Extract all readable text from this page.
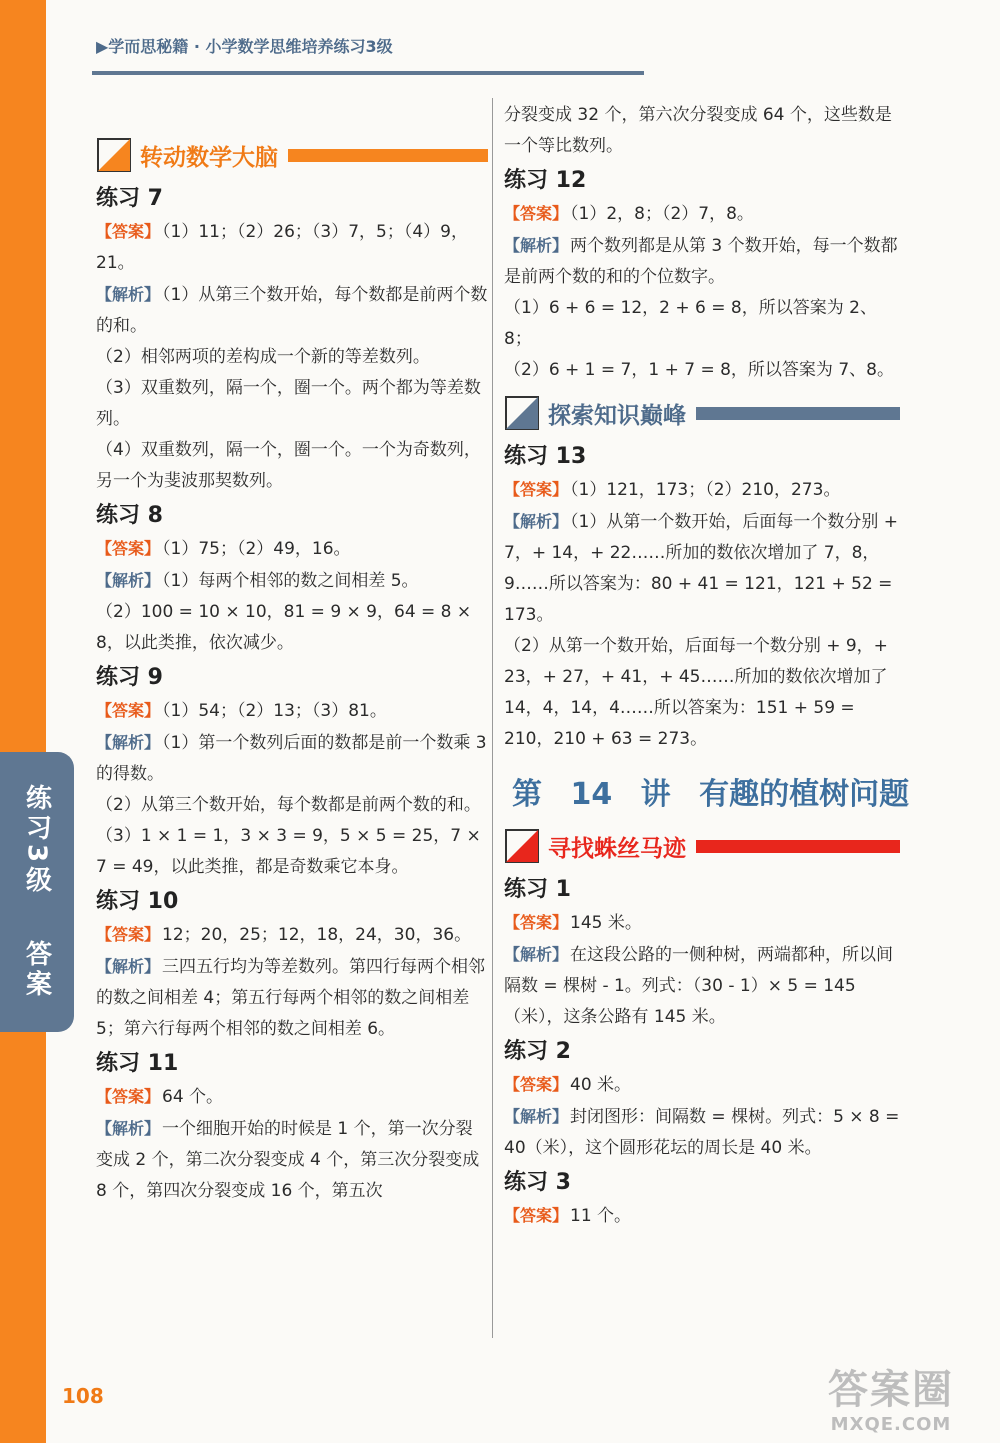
▶学而思秘籍 · 小学数学思维培养练习3级
练习3级
答案
108
转动数学大脑
练习 7

【答案】 （1）11；（2）26；（3）7，5；（4）9，21。

【解析】 （1）从第三个数开始，每个数都是前两个数的和。

（2）相邻两项的差构成一个新的等差数列。

（3）双重数列，隔一个，圈一个。两个都为等差数列。

（4）双重数列，隔一个，圈一个。一个为奇数列，另一个为斐波那契数列。

练习 8

【答案】 （1）75；（2）49，16。

【解析】 （1）每两个相邻的数之间相差 5。

（2）100 = 10 × 10，81 = 9 × 9，64 = 8 × 8，以此类推，依次减少。

练习 9

【答案】 （1）54；（2）13；（3）81。

【解析】 （1）第一个数列后面的数都是前一个数乘 3 的得数。

（2）从第三个数开始，每个数都是前两个数的和。

（3）1 × 1 = 1，3 × 3 = 9，5 × 5 = 25，7 × 7 = 49，以此类推，都是奇数乘它本身。

练习 10

【答案】 12；20，25；12，18，24，30，36。

【解析】 三四五行均为等差数列。第四行每两个相邻的数之间相差 4；第五行每两个相邻的数之间相差 5；第六行每两个相邻的数之间相差 6。

练习 11

【答案】 64 个。

【解析】 一个细胞开始的时候是 1 个，第一次分裂变成 2 个，第二次分裂变成 4 个，第三次分裂变成 8 个，第四次分裂变成 16 个，第五次

分裂变成 32 个，第六次分裂变成 64 个，这些数是一个等比数列。

练习 12

【答案】 （1）2，8；（2）7，8。

【解析】 两个数列都是从第 3 个数开始，每一个数都是前两个数的和的个位数字。

（1）6 + 6 = 12，2 + 6 = 8，所以答案为 2、8；

（2）6 + 1 = 7，1 + 7 = 8，所以答案为 7、8。

探索知识巅峰
练习 13

【答案】 （1）121，173；（2）210，273。

【解析】 （1）从第一个数开始，后面每一个数分别 + 7，+ 14，+ 22……所加的数依次增加了 7，8，9……所以答案为：80 + 41 = 121，121 + 52 = 173。

（2）从第一个数开始，后面每一个数分别 + 9，+ 23，+ 27，+ 41，+ 45……所加的数依次增加了 14，4，14，4……所以答案为：151 + 59 = 210，210 + 63 = 273。

第 14 讲 有趣的植树问题
寻找蛛丝马迹
练习 1

【答案】 145 米。

【解析】 在这段公路的一侧种树，两端都种，所以间隔数 = 棵树 - 1。列式：（30 - 1）× 5 = 145（米），这条公路有 145 米。

练习 2

【答案】 40 米。

【解析】 封闭图形：间隔数 = 棵树。列式：5 × 8 = 40（米），这个圆形花坛的周长是 40 米。

练习 3

【答案】 11 个。

答案圈
MXQE.COM
